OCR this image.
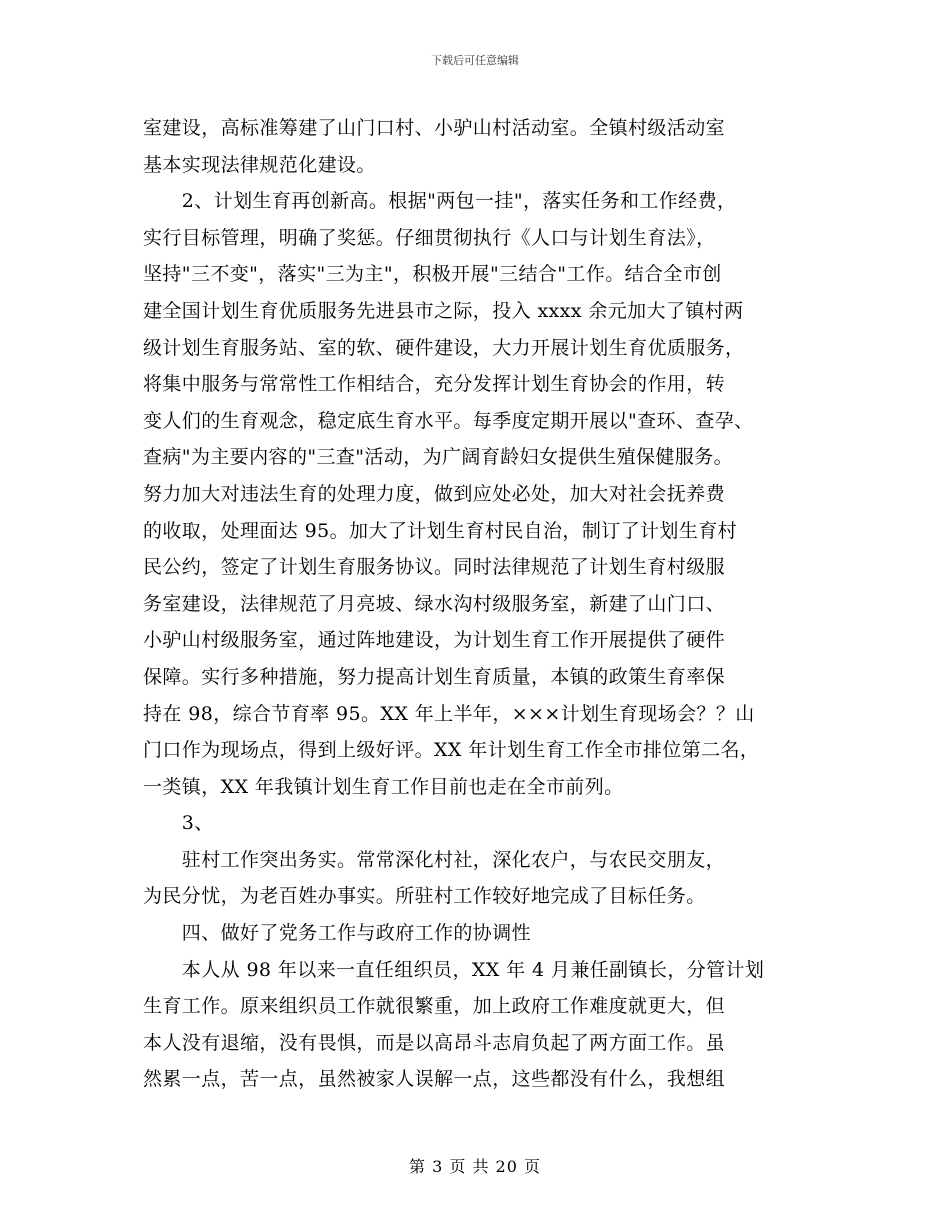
下载后可任意编辑
室建设，高标准筹建了山门口村、小驴山村活动室。全镇村级活动室
基本实现法律规范化建设。
　　2、计划生育再创新高。根据"两包一挂"，落实任务和工作经费，
实行目标管理，明确了奖惩。仔细贯彻执行《人口与计划生育法》，
坚持"三不变"，落实"三为主"，积极开展"三结合"工作。结合全市创
建全国计划生育优质服务先进县市之际，投入 xxxx 余元加大了镇村两
级计划生育服务站、室的软、硬件建设，大力开展计划生育优质服务，
将集中服务与常常性工作相结合，充分发挥计划生育协会的作用，转
变人们的生育观念，稳定底生育水平。每季度定期开展以"查环、查孕、
查病"为主要内容的"三查"活动，为广阔育龄妇女提供生殖保健服务。
努力加大对违法生育的处理力度，做到应处必处，加大对社会抚养费
的收取，处理面达 95。加大了计划生育村民自治，制订了计划生育村
民公约，签定了计划生育服务协议。同时法律规范了计划生育村级服
务室建设，法律规范了月亮坡、绿水沟村级服务室，新建了山门口、
小驴山村级服务室，通过阵地建设，为计划生育工作开展提供了硬件
保障。实行多种措施，努力提高计划生育质量，本镇的政策生育率保
持在 98，综合节育率 95。XX 年上半年，×××计划生育现场会？？山
门口作为现场点，得到上级好评。XX 年计划生育工作全市排位第二名，
一类镇，XX 年我镇计划生育工作目前也走在全市前列。
　　3、
　　驻村工作突出务实。常常深化村社，深化农户，与农民交朋友，
为民分忧，为老百姓办事实。所驻村工作较好地完成了目标任务。
　　四、做好了党务工作与政府工作的协调性
　　本人从 98 年以来一直任组织员，XX 年 4 月兼任副镇长，分管计划
生育工作。原来组织员工作就很繁重，加上政府工作难度就更大，但
本人没有退缩，没有畏惧，而是以高昂斗志肩负起了两方面工作。虽
然累一点，苦一点，虽然被家人误解一点，这些都没有什么，我想组
第 3 页 共 20 页
